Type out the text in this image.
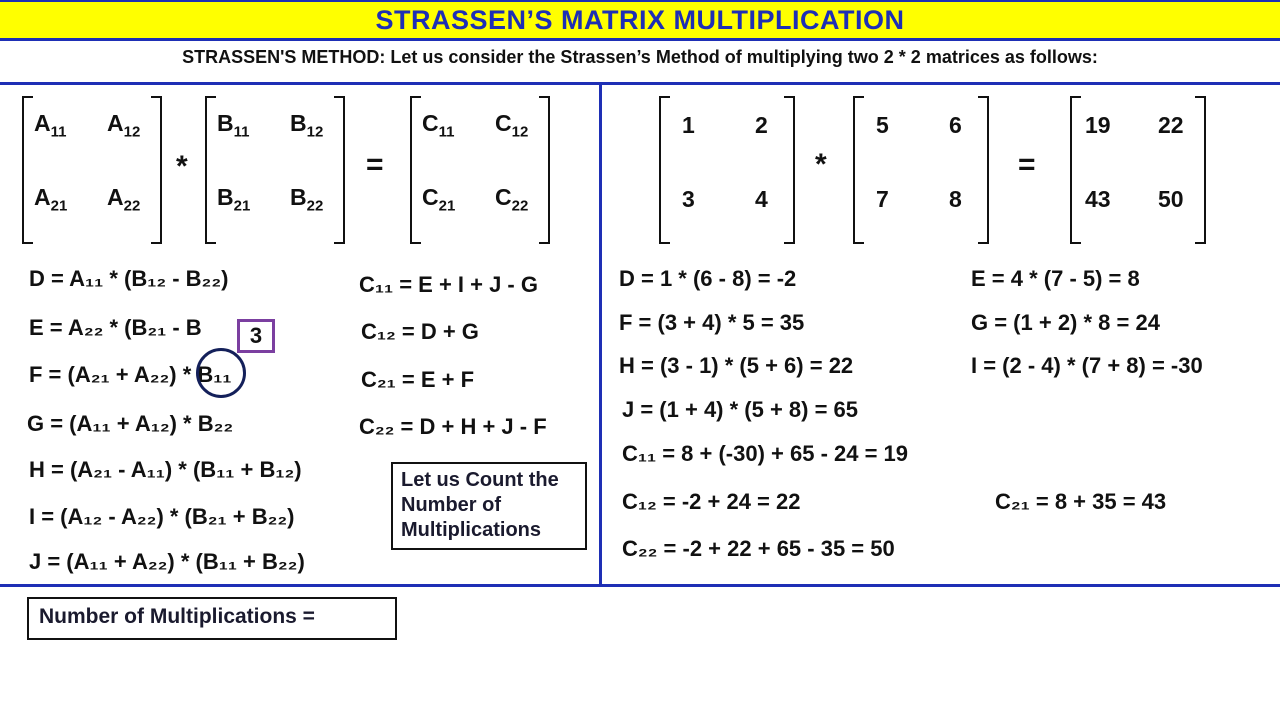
STRASSEN’S MATRIX MULTIPLICATION
STRASSEN'S METHOD: Let us consider the Strassen’s Method of multiplying two 2 * 2 matrices as follows:
$A_{11}$ $A_{12}$
$A_{21}$ $A_{22}$
*
$B_{11}$ $B_{12}$
$B_{21}$ $B_{22}$
=
$C_{11}$ $C_{12}$
$C_{21}$ $C_{22}$
1	2
3	4
*
5	6
7	8
=
19 22
43 50
D = A₁₁ * (B₁₂ - B₂₂)
E = A₂₂ * (B₂₁ - B
F = (A₂₁ + A₂₂) * B₁₁
G = (A₁₁ + A₁₂) * B₂₂
H = (A₂₁ - A₁₁) * (B₁₁ + B₁₂)
I = (A₁₂ - A₂₂) * (B₂₁ + B₂₂)
J = (A₁₁ + A₂₂) * (B₁₁ + B₂₂)
C₁₁ = E + I + J - G
C₁₂ = D + G
C₂₁ = E + F
C₂₂ = D + H + J - F
3
Let us Count the Number of Multiplications
D = 1 * (6 - 8) = -2	E = 4 * (7 - 5) = 8
F = (3 + 4) * 5 = 35	G = (1 + 2) * 8 = 24
H = (3 - 1) * (5 + 6) = 22	I = (2 - 4) * (7 + 8) = -30
J = (1 + 4) * (5 + 8) = 65
C₁₁ = 8 + (-30) + 65 - 24 = 19
C₁₂ = -2 + 24 = 22	C₂₁ = 8 + 35 = 43
C₂₂ = -2 + 22 + 65 - 35 = 50
Number of Multiplications =
